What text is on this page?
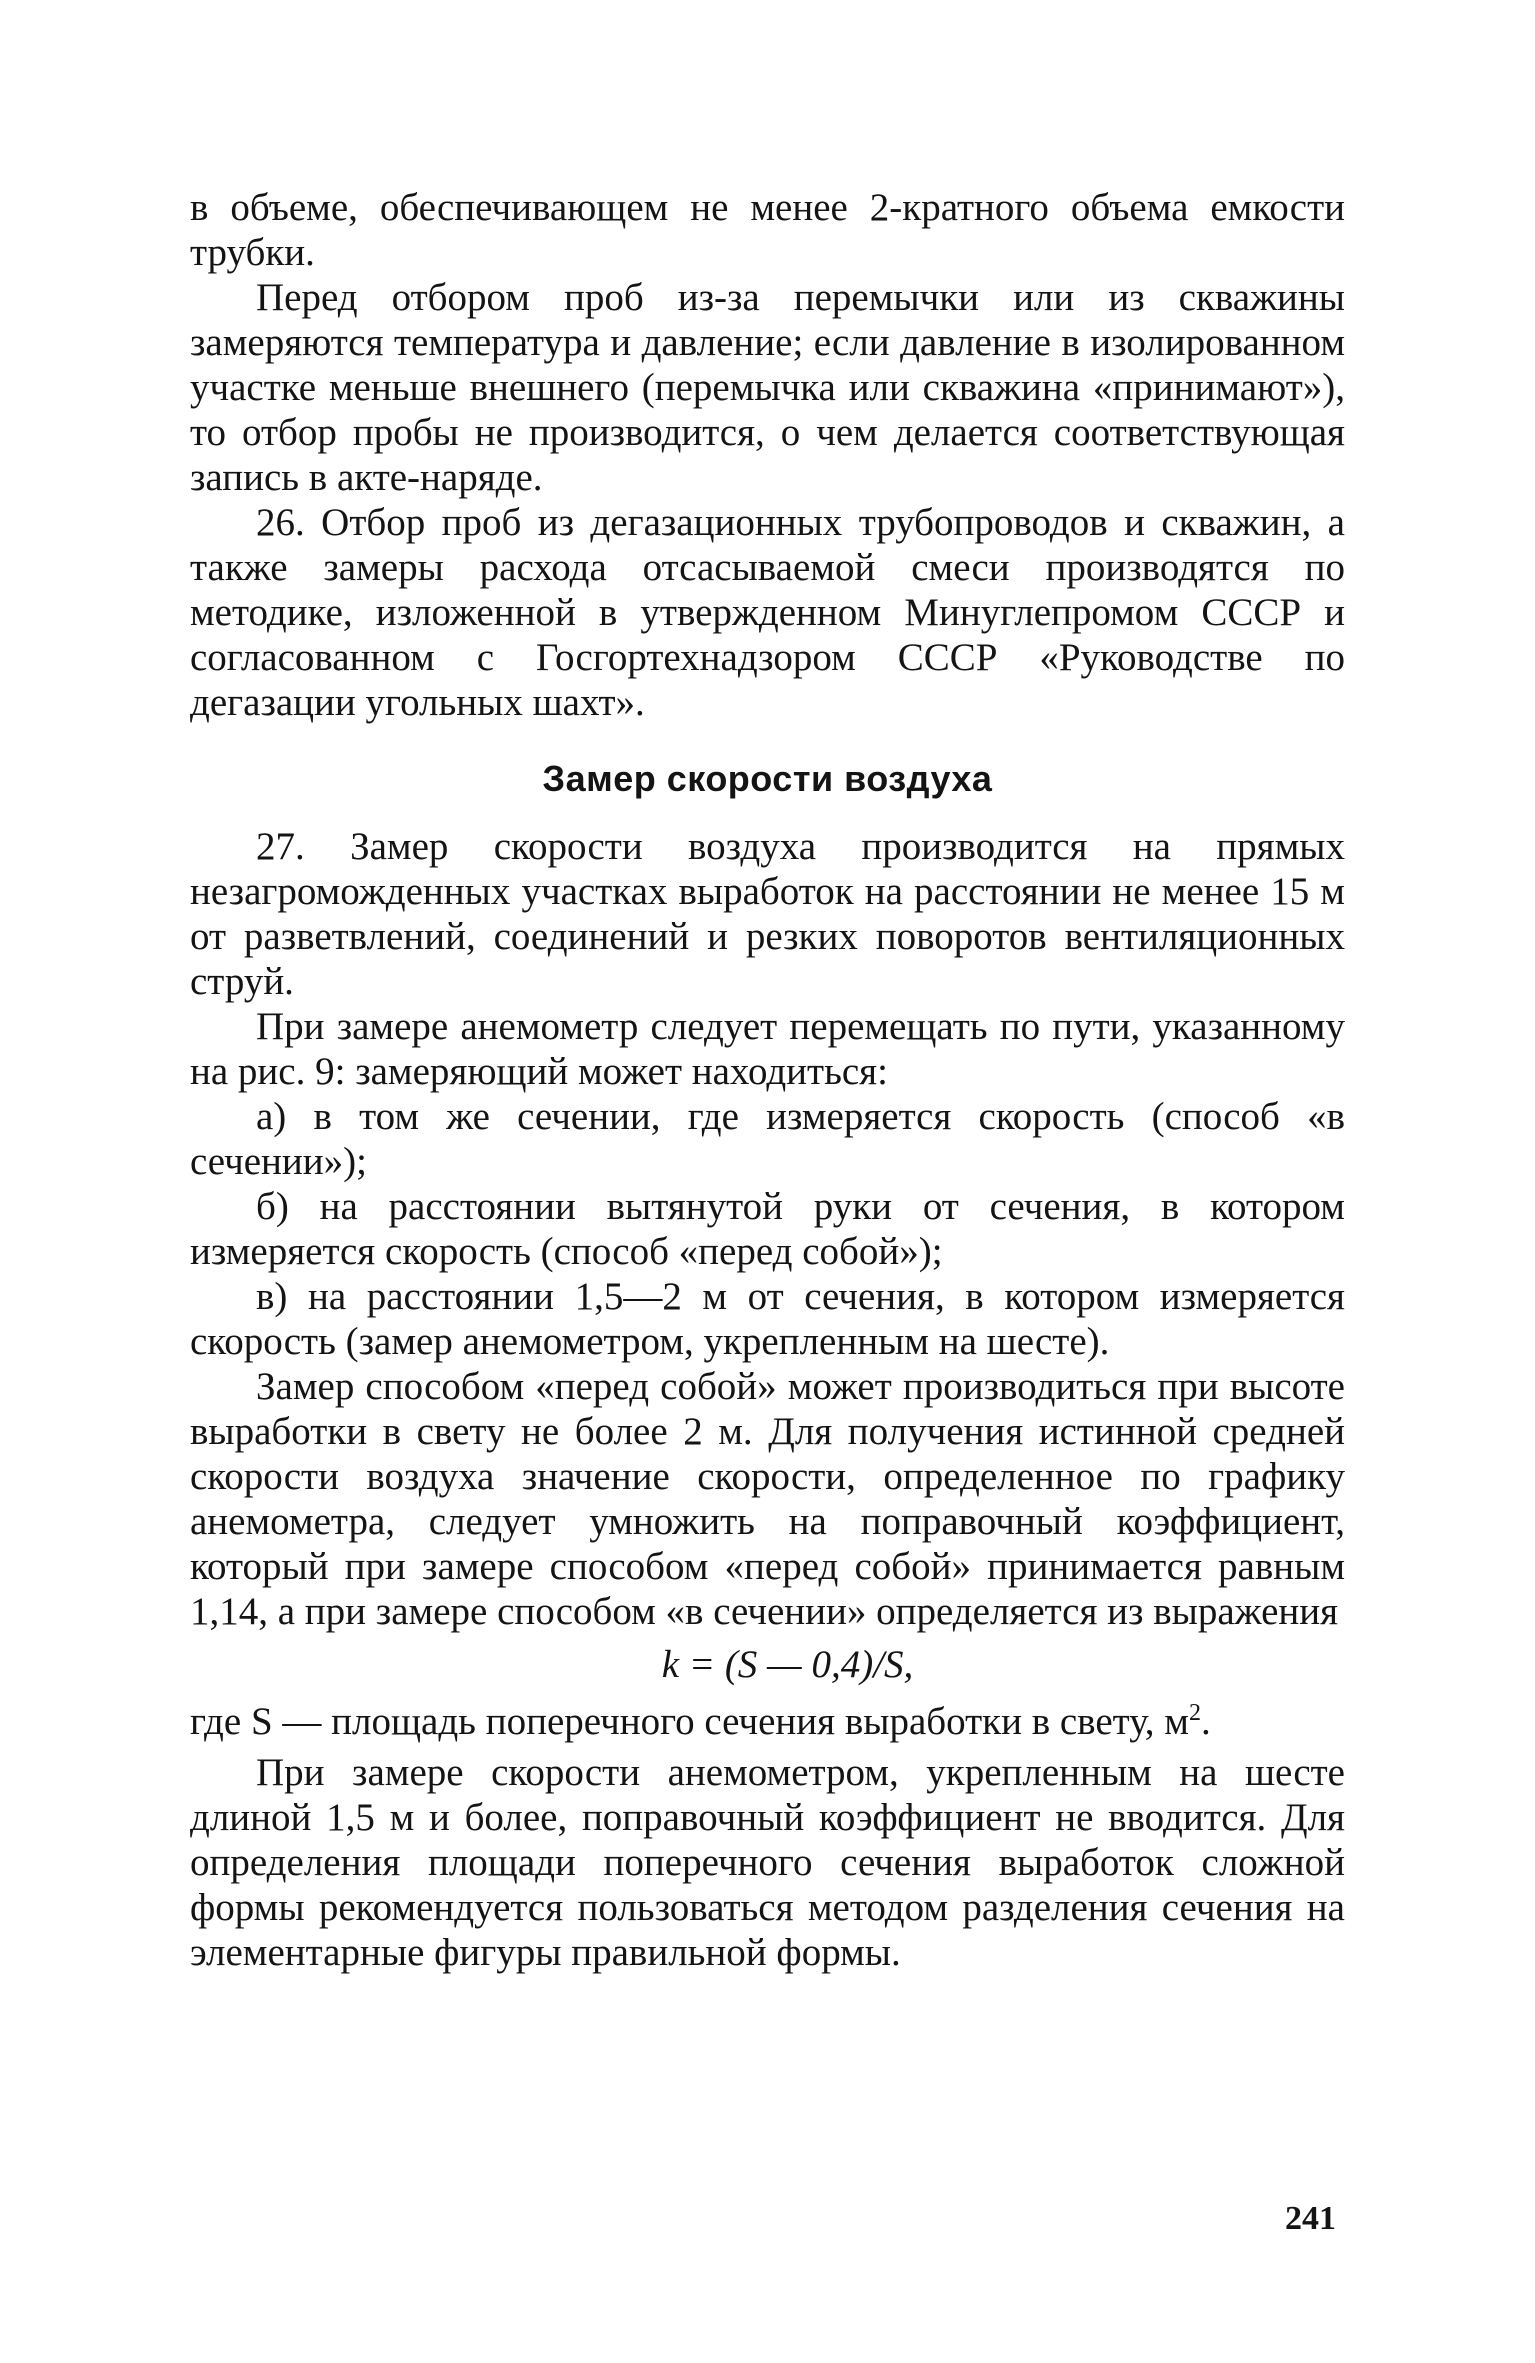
в объеме, обеспечивающем не менее 2-кратного объема емкости трубки.

Перед отбором проб из-за перемычки или из скважины замеряются температура и давление; если давление в изолированном участке меньше внешнего (перемычка или скважина «принимают»), то отбор пробы не производится, о чем делается соответствующая запись в акте-наряде.

26. Отбор проб из дегазационных трубопроводов и скважин, а также замеры расхода отсасываемой смеси производятся по методике, изложенной в утвержденном Минуглепромом СССР и согласованном с Госгортехнадзором СССР «Руководстве по дегазации угольных шахт».

Замер скорости воздуха

27. Замер скорости воздуха производится на прямых незагроможденных участках выработок на расстоянии не менее 15 м от разветвлений, соединений и резких поворотов вентиляционных струй.

При замере анемометр следует перемещать по пути, указанному на рис. 9: замеряющий может находиться:

а) в том же сечении, где измеряется скорость (способ «в сечении»);

б) на расстоянии вытянутой руки от сечения, в котором измеряется скорость (способ «перед собой»);

в) на расстоянии 1,5—2 м от сечения, в котором измеряется скорость (замер анемометром, укрепленным на шесте).

Замер способом «перед собой» может производиться при высоте выработки в свету не более 2 м. Для получения истинной средней скорости воздуха значение скорости, определенное по графику анемометра, следует умножить на поправочный коэффициент, который при замере способом «перед собой» принимается равным 1,14, а при замере способом «в сечении» определяется из выражения

k = (S — 0,4)/S,

где S — площадь поперечного сечения выработки в свету, $м^2$.

При замере скорости анемометром, укрепленным на шесте длиной 1,5 м и более, поправочный коэффициент не вводится. Для определения площади поперечного сечения выработок сложной формы рекомендуется пользоваться методом разделения сечения на элементарные фигуры правильной формы.

241
